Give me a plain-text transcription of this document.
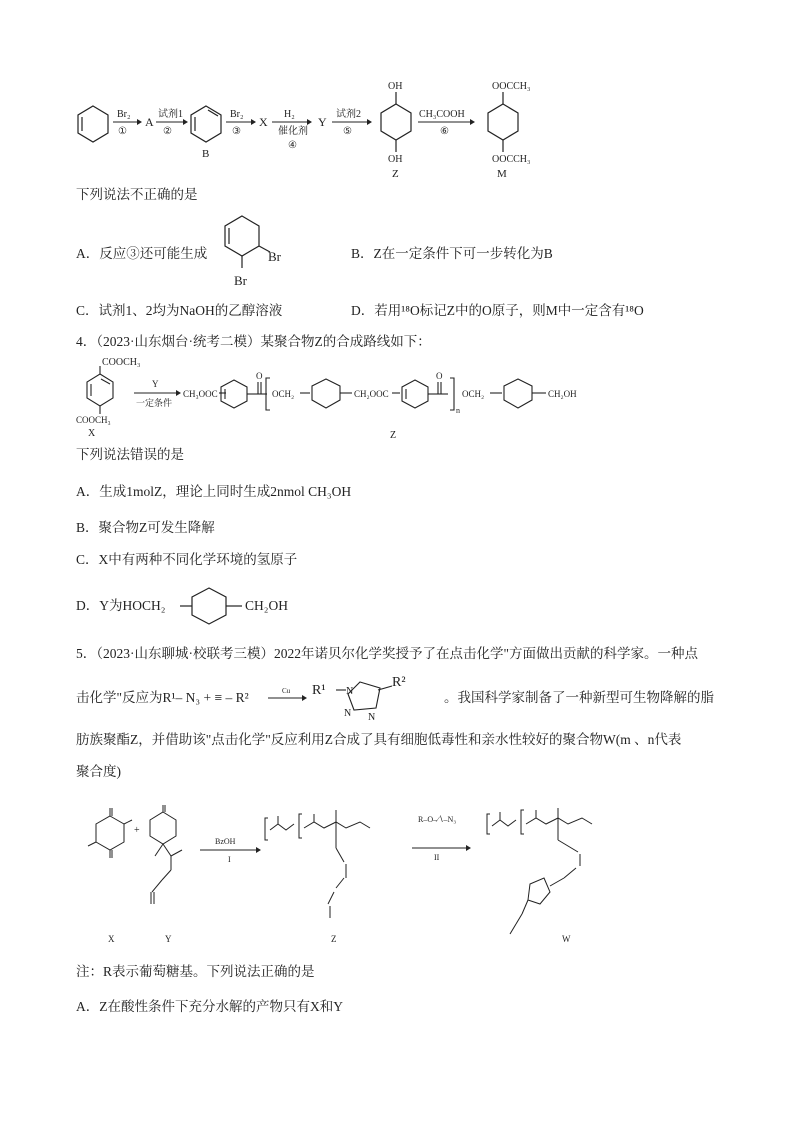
Br₂
①
A
试剂1
②
B
Br₂
③
X
H₂
催化剂
④
Y
试剂2
⑤
OH
OH
Z
CH₃COOH
⑥
OOCCH₃
OOCCH₃
M
下列说法不正确的是
A．反应③还可能生成	Br
Br
B．Z在一定条件下可一步转化为B
C．试剂1、2均为NaOH的乙醇溶液	D．若用¹⁸O标记Z中的O原子，则M中一定含有¹⁸O
4．（2023·山东烟台·统考二模）某聚合物Z的合成路线如下：
COOCH₃
COOCH₃
X
Y
一定条件
CH₃OOC
O
OCH₂	CH₂OOC
O
n
OCH₂	CH₂OH
Z
下列说法错误的是
A．生成1molZ，理论上同时生成2nmol CH₃OH
B．聚合物Z可发生降解
C．X中有两种不同化学环境的氢原子
D．Y为HOCH₂	CH₂OH
5．（2023·山东聊城·校联考三模）2022年诺贝尔化学奖授予了在点击化学"方面做出贡献的科学家。一种点
击化学"反应为R¹– N₃ + ≡ – R²	Cu R¹ N
N N
R²
。我国科学家制备了一种新型可生物降解的脂
肪族聚酯Z，并借助该"点击化学"反应利用Z合成了具有细胞低毒性和亲水性较好的聚合物W(m 、n代表
聚合度)
X
+
Y
BzOH
I
Z
R–O–∕∖–N₃
II
W
注：R表示葡萄糖基。下列说法正确的是
A．Z在酸性条件下充分水解的产物只有X和Y
